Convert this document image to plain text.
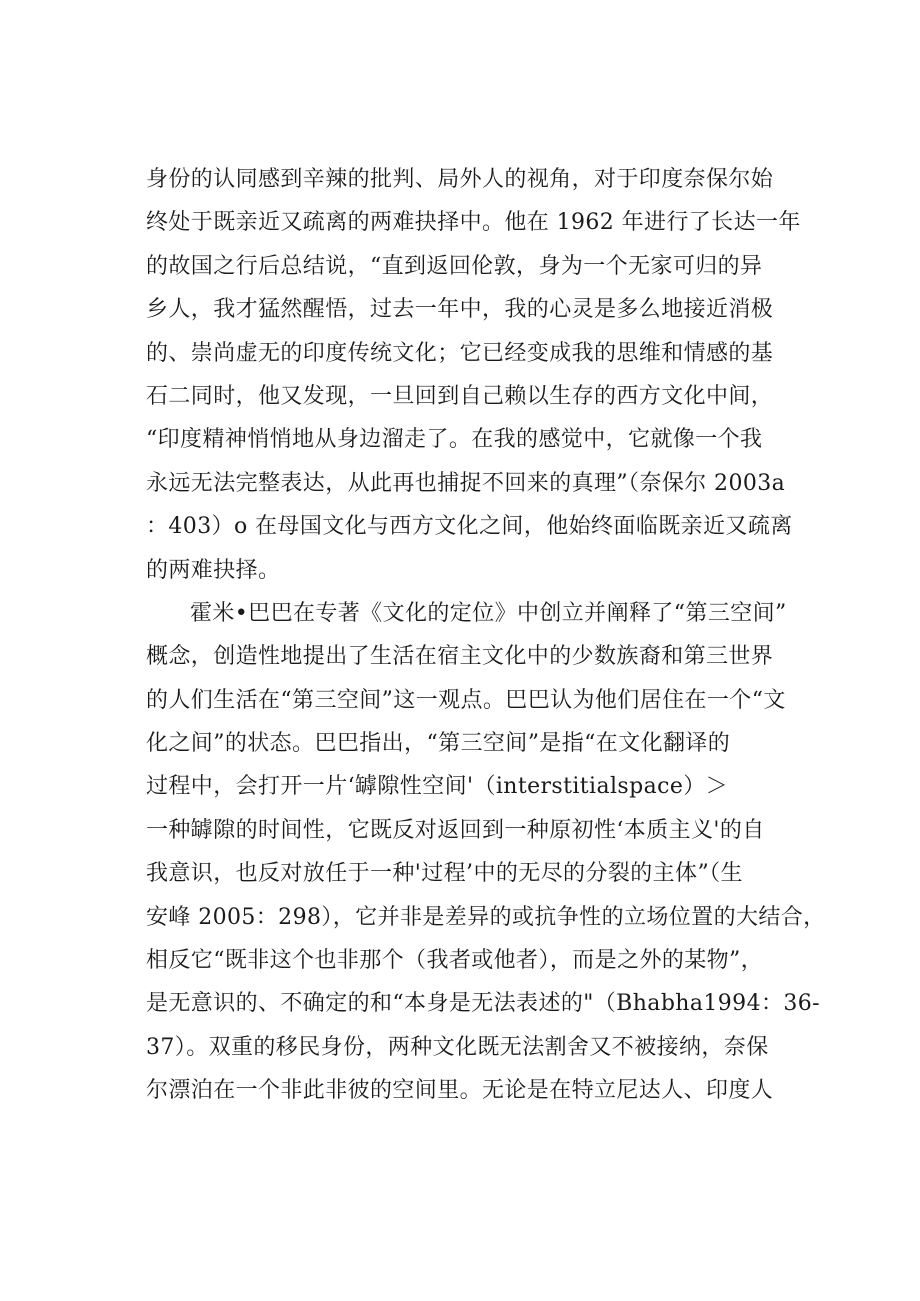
身份的认同感到辛辣的批判、局外人的视角，对于印度奈保尔始
终处于既亲近又疏离的两难抉择中。他在 1962 年进行了长达一年
的故国之行后总结说，“直到返回伦敦，身为一个无家可归的异
乡人，我才猛然醒悟，过去一年中，我的心灵是多么地接近消极
的、崇尚虚无的印度传统文化；它已经变成我的思维和情感的基
石二同时，他又发现，一旦回到自己赖以生存的西方文化中间，
“印度精神悄悄地从身边溜走了。在我的感觉中，它就像一个我
永远无法完整表达，从此再也捕捉不回来的真理”（奈保尔 2003a
：403）o 在母国文化与西方文化之间，他始终面临既亲近又疏离
的两难抉择。
霍米•巴巴在专著《文化的定位》中创立并阐释了“第三空间”
概念，创造性地提出了生活在宿主文化中的少数族裔和第三世界
的人们生活在“第三空间”这一观点。巴巴认为他们居住在一个“文
化之间”的状态。巴巴指出，“第三空间”是指“在文化翻译的
过程中，会打开一片‘罅隙性空间'（interstitialspace）＞
一种罅隙的时间性，它既反对返回到一种原初性‘本质主义'的自
我意识，也反对放任于一种'过程’中的无尽的分裂的主体”（生
安峰 2005：298），它并非是差异的或抗争性的立场位置的大结合，
相反它“既非这个也非那个（我者或他者），而是之外的某物”，
是无意识的、不确定的和“本身是无法表述的"（Bhabha1994：36-
37）。双重的移民身份，两种文化既无法割舍又不被接纳，奈保
尔漂泊在一个非此非彼的空间里。无论是在特立尼达人、印度人
